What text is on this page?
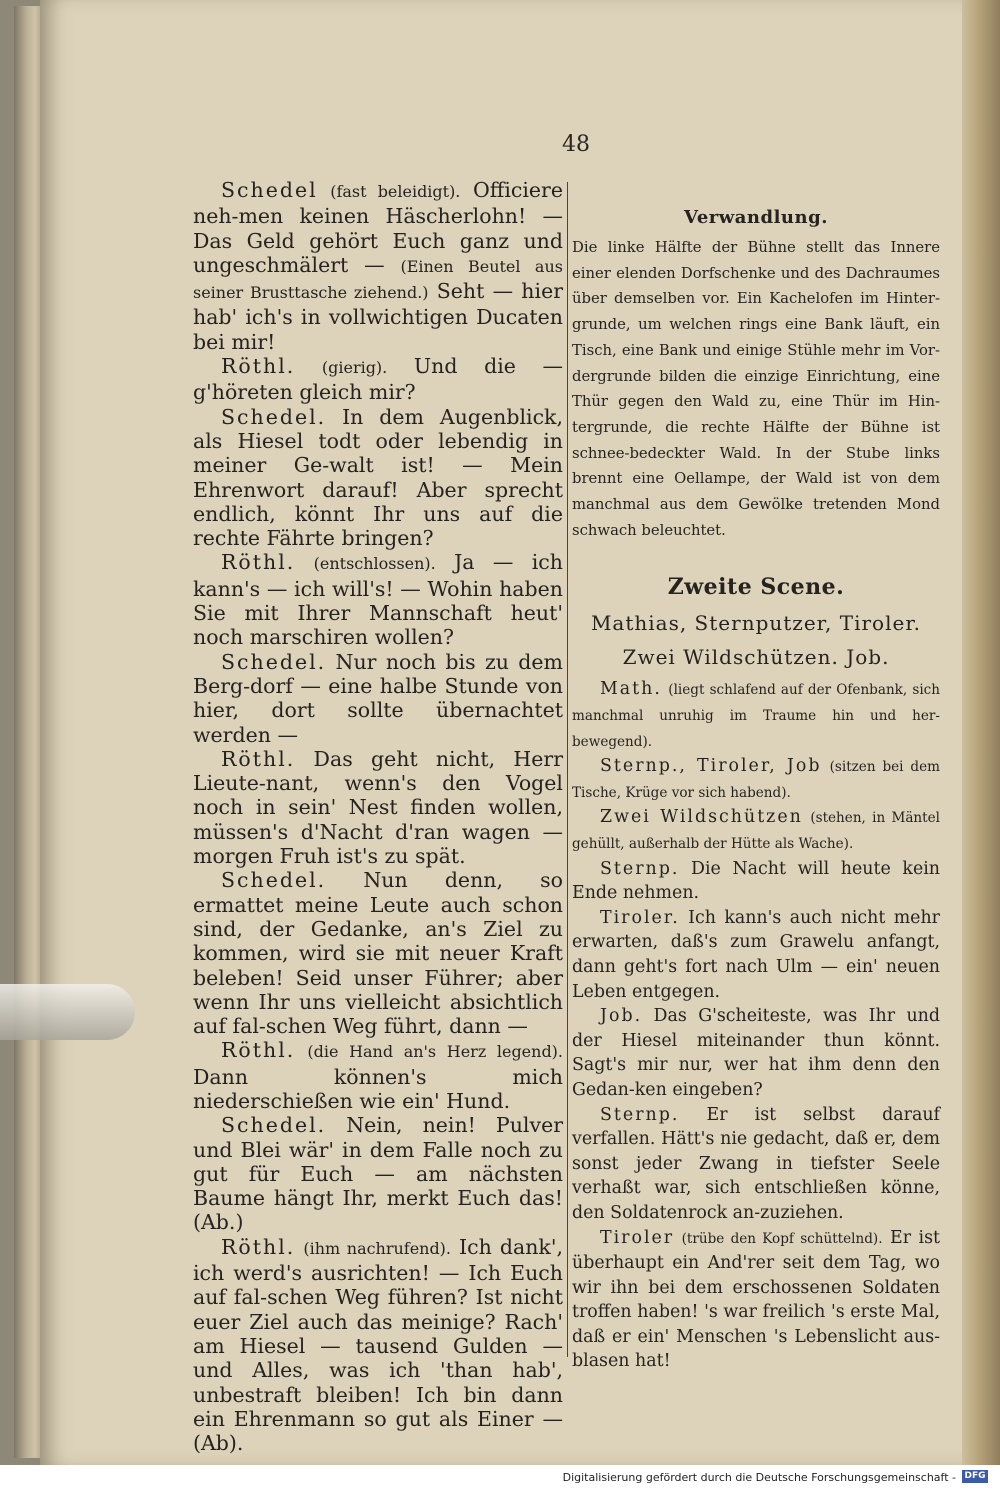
48

Schedel (fast beleidigt). Officiere neh-men keinen Häscherlohn! — Das Geld gehört Euch ganz und ungeschmälert — (Einen Beutel aus seiner Brusttasche ziehend.) Seht — hier hab' ich's in vollwichtigen Ducaten bei mir!

Röthl. (gierig). Und die — g'höreten gleich mir?

Schedel. In dem Augenblick, als Hiesel todt oder lebendig in meiner Ge-walt ist! — Mein Ehrenwort darauf! Aber sprecht endlich, könnt Ihr uns auf die rechte Fährte bringen?

Röthl. (entschlossen). Ja — ich kann's — ich will's! — Wohin haben Sie mit Ihrer Mannschaft heut' noch marschiren wollen?

Schedel. Nur noch bis zu dem Berg-dorf — eine halbe Stunde von hier, dort sollte übernachtet werden —

Röthl. Das geht nicht, Herr Lieute-nant, wenn's den Vogel noch in sein' Nest finden wollen, müssen's d'Nacht d'ran wagen — morgen Fruh ist's zu spät.

Schedel. Nun denn, so ermattet meine Leute auch schon sind, der Gedanke, an's Ziel zu kommen, wird sie mit neuer Kraft beleben! Seid unser Führer; aber wenn Ihr uns vielleicht absichtlich auf fal-schen Weg führt, dann —

Röthl. (die Hand an's Herz legend). Dann können's mich niederschießen wie ein' Hund.

Schedel. Nein, nein! Pulver und Blei wär' in dem Falle noch zu gut für Euch — am nächsten Baume hängt Ihr, merkt Euch das! (Ab.)

Röthl. (ihm nachrufend). Ich dank', ich werd's ausrichten! — Ich Euch auf fal-schen Weg führen? Ist nicht euer Ziel auch das meinige? Rach' am Hiesel — tausend Gulden — und Alles, was ich 'than hab', unbestraft bleiben! Ich bin dann ein Ehrenmann so gut als Einer — (Ab).

Verwandlung.

Die linke Hälfte der Bühne stellt das Innere einer elenden Dorfschenke und des Dachraumes über demselben vor. Ein Kachelofen im Hinter-grunde, um welchen rings eine Bank läuft, ein Tisch, eine Bank und einige Stühle mehr im Vor-dergrunde bilden die einzige Einrichtung, eine Thür gegen den Wald zu, eine Thür im Hin-tergrunde, die rechte Hälfte der Bühne ist schnee-bedeckter Wald. In der Stube links brennt eine Oellampe, der Wald ist von dem manchmal aus dem Gewölke tretenden Mond schwach beleuchtet.

Zweite Scene.
Mathias, Sternputzer, Tiroler.
Zwei Wildschützen. Job.

Math. (liegt schlafend auf der Ofenbank, sich manchmal unruhig im Traume hin und her-bewegend).

Sternp., Tiroler, Job (sitzen bei dem Tische, Krüge vor sich habend).

Zwei Wildschützen (stehen, in Mäntel gehüllt, außerhalb der Hütte als Wache).

Sternp. Die Nacht will heute kein Ende nehmen.

Tiroler. Ich kann's auch nicht mehr erwarten, daß's zum Grawelu anfangt, dann geht's fort nach Ulm — ein' neuen Leben entgegen.

Job. Das G'scheiteste, was Ihr und der Hiesel miteinander thun könnt. Sagt's mir nur, wer hat ihm denn den Gedan-ken eingeben?

Sternp. Er ist selbst darauf verfallen. Hätt's nie gedacht, daß er, dem sonst jeder Zwang in tiefster Seele verhaßt war, sich entschließen könne, den Soldatenrock an-zuziehen.

Tiroler (trübe den Kopf schüttelnd). Er ist überhaupt ein And'rer seit dem Tag, wo wir ihn bei dem erschossenen Soldaten troffen haben! 's war freilich 's erste Mal, daß er ein' Menschen 's Lebenslicht aus-blasen hat!

Digitalisierung gefördert durch die Deutsche Forschungsgemeinschaft - DFG
